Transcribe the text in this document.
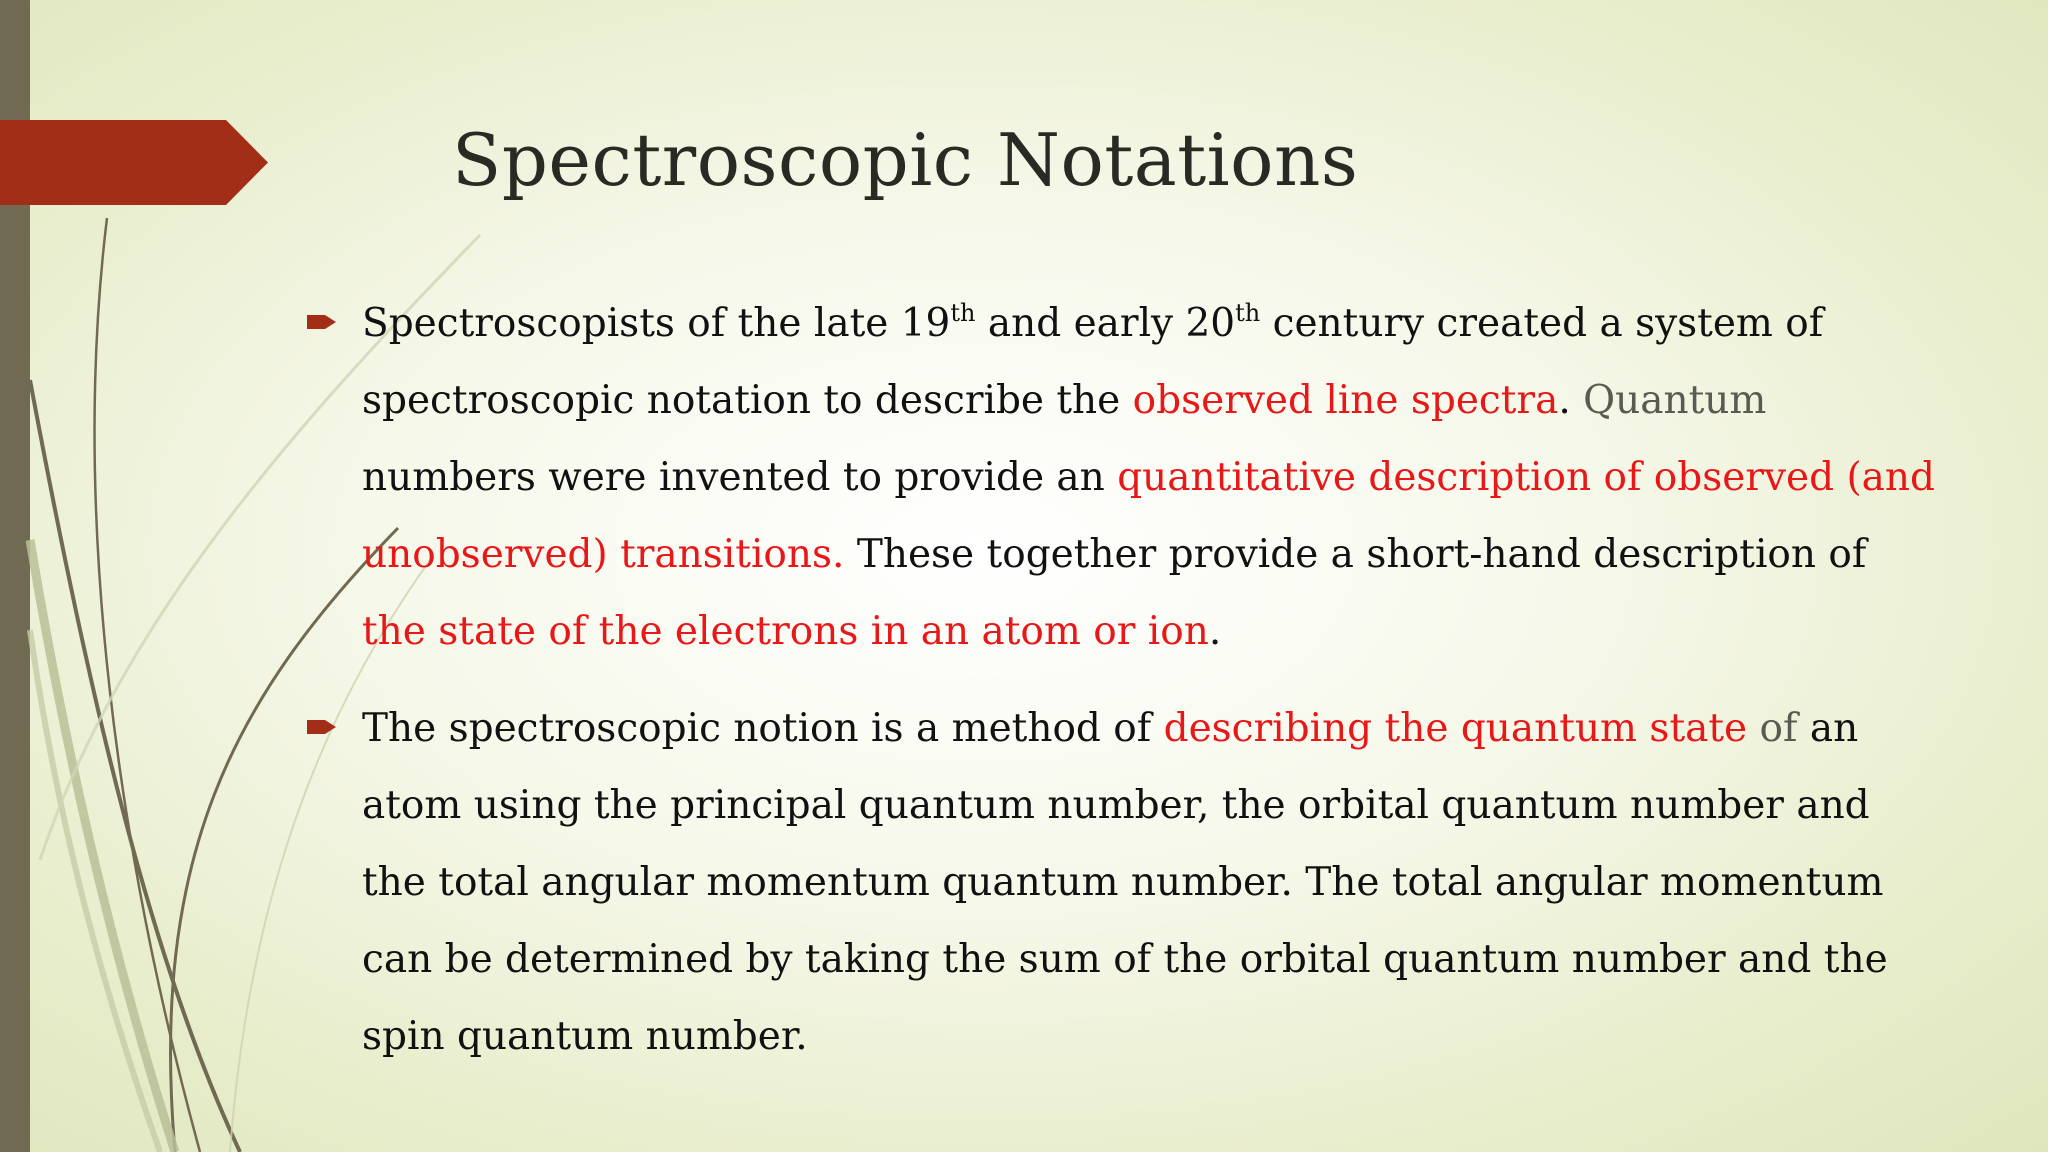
Spectroscopic Notations
Spectroscopists of the late 19th and early 20th century created a system of spectroscopic notation to describe the observed line spectra. Quantum numbers were invented to provide an quantitative description of observed (and unobserved) transitions. These together provide a short-hand description of the state of the electrons in an atom or ion.
The spectroscopic notion is a method of describing the quantum state of an atom using the principal quantum number, the orbital quantum number and the total angular momentum quantum number. The total angular momentum can be determined by taking the sum of the orbital quantum number and the spin quantum number.
